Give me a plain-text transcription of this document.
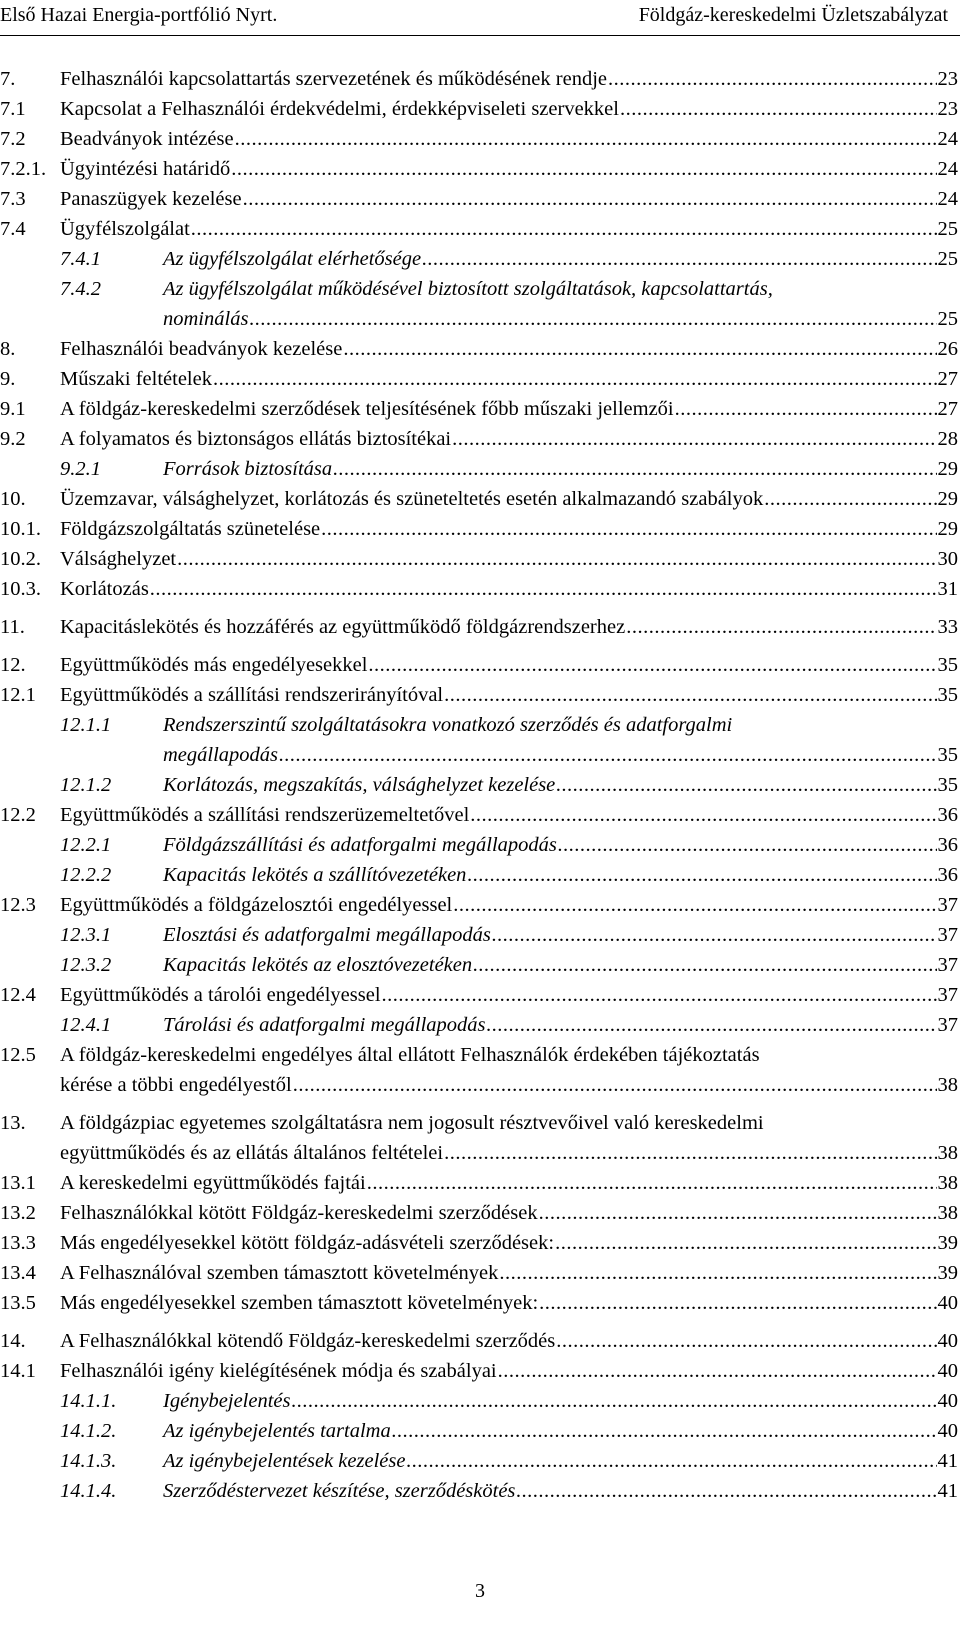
Első Hazai Energia-portfólió Nyrt.	Földgáz-kereskedelmi Üzletszabályzat
7. Felhasználói kapcsolattartás szervezetének és működésének rendje .....	23
7.1 Kapcsolat a Felhasználói érdekvédelmi, érdekképviseleti szervekkel .....	23
7.2 Beadványok intézése .....	24
7.2.1. Ügyintézési határidő .....	24
7.3 Panaszügyek kezelése .....	24
7.4 Ügyfélszolgálat .....	25
7.4.1	Az ügyfélszolgálat elérhetősége .....	25
7.4.2	Az ügyfélszolgálat működésével biztosított szolgáltatások, kapcsolattartás,
nominálás .....	25
8. Felhasználói beadványok kezelése .....	26
9. Műszaki feltételek .....	27
9.1 A földgáz-kereskedelmi szerződések teljesítésének főbb műszaki jellemzői .....	27
9.2 A folyamatos és biztonságos ellátás biztosítékai .....	28
9.2.1	Források biztosítása .....	29
10. Üzemzavar, válsághelyzet, korlátozás és szüneteltetés esetén alkalmazandó szabályok .....	29
10.1. Földgázszolgáltatás szünetelése .....	29
10.2. Válsághelyzet .....	30
10.3. Korlátozás .....	31
11. Kapacitáslekötés és hozzáférés az együttműködő földgázrendszerhez .....	33
12. Együttműködés más engedélyesekkel .....	35
12.1 Együttműködés a szállítási rendszerirányítóval .....	35
12.1.1	Rendszerszintű szolgáltatásokra vonatkozó szerződés és adatforgalmi
megállapodás .....	35
12.1.2	Korlátozás, megszakítás, válsághelyzet kezelése .....	35
12.2 Együttműködés a szállítási rendszerüzemeltetővel .....	36
12.2.1	Földgázszállítási és adatforgalmi megállapodás .....	36
12.2.2	Kapacitás lekötés a szállítóvezetéken .....	36
12.3 Együttműködés a földgázelosztói engedélyessel .....	37
12.3.1	Elosztási és adatforgalmi megállapodás .....	37
12.3.2	Kapacitás lekötés az elosztóvezetéken .....	37
12.4 Együttműködés a tárolói engedélyessel .....	37
12.4.1	Tárolási és adatforgalmi megállapodás .....	37
12.5 A földgáz-kereskedelmi engedélyes által ellátott Felhasználók érdekében tájékoztatás
kérése a többi engedélyestől .....	38
13. A földgázpiac egyetemes szolgáltatásra nem jogosult résztvevőivel való kereskedelmi
együttműködés és az ellátás általános feltételei .....	38
13.1 A kereskedelmi együttműködés fajtái .....	38
13.2 Felhasználókkal kötött Földgáz-kereskedelmi szerződések .....	38
13.3 Más engedélyesekkel kötött földgáz-adásvételi szerződések: .....	39
13.4 A Felhasználóval szemben támasztott követelmények .....	39
13.5 Más engedélyesekkel szemben támasztott követelmények: .....	40
14. A Felhasználókkal kötendő Földgáz-kereskedelmi szerződés .....	40
14.1 Felhasználói igény kielégítésének módja és szabályai .....	40
14.1.1. Igénybejelentés .....	40
14.1.2. Az igénybejelentés tartalma .....	40
14.1.3. Az igénybejelentések kezelése .....	41
14.1.4. Szerződéstervezet készítése, szerződéskötés .....	41
3
